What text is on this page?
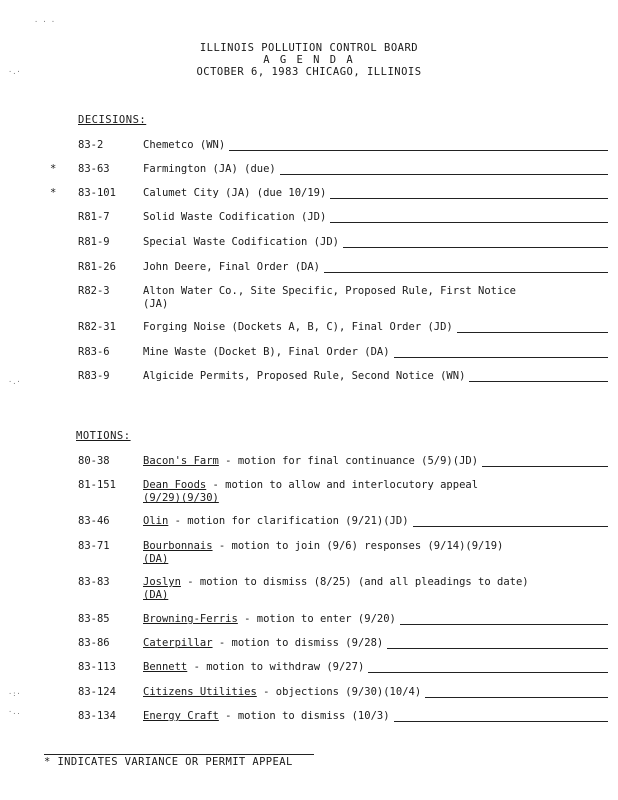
ILLINOIS POLLUTION CONTROL BOARD
A G E N D A
OCTOBER 6, 1983 CHICAGO, ILLINOIS
DECISIONS:
83-2	Chemetco (WN)
* 83-63	Farmington (JA) (due)
* 83-101	Calumet City (JA) (due 10/19)
R81-7	Solid Waste Codification (JD)
R81-9	Special Waste Codification (JD)
R81-26	John Deere, Final Order (DA)
R82-3	Alton Water Co., Site Specific, Proposed Rule, First Notice
(JA)
R82-31	Forging Noise (Dockets A, B, C), Final Order (JD)
R83-6	Mine Waste (Docket B), Final Order (DA)
R83-9	Algicide Permits, Proposed Rule, Second Notice (WN)
MOTIONS:
80-38	Bacon's Farm - motion for final continuance (5/9)(JD)
81-151	Dean Foods - motion to allow and interlocutory appeal
(9/29)(9/30)
83-46	Olin - motion for clarification (9/21)(JD)
83-71	Bourbonnais - motion to join (9/6) responses (9/14)(9/19)
(DA)
83-83	Joslyn - motion to dismiss (8/25) (and all pleadings to date)
(DA)
83-85	Browning-Ferris - motion to enter (9/20)
83-86	Caterpillar - motion to dismiss (9/28)
83-113	Bennett - motion to withdraw (9/27)
83-124	Citizens Utilities - objections (9/30)(10/4)
83-134	Energy Craft - motion to dismiss (10/3)
* INDICATES VARIANCE OR PERMIT APPEAL
· · ·
·.·
·.·
·:·
·..
